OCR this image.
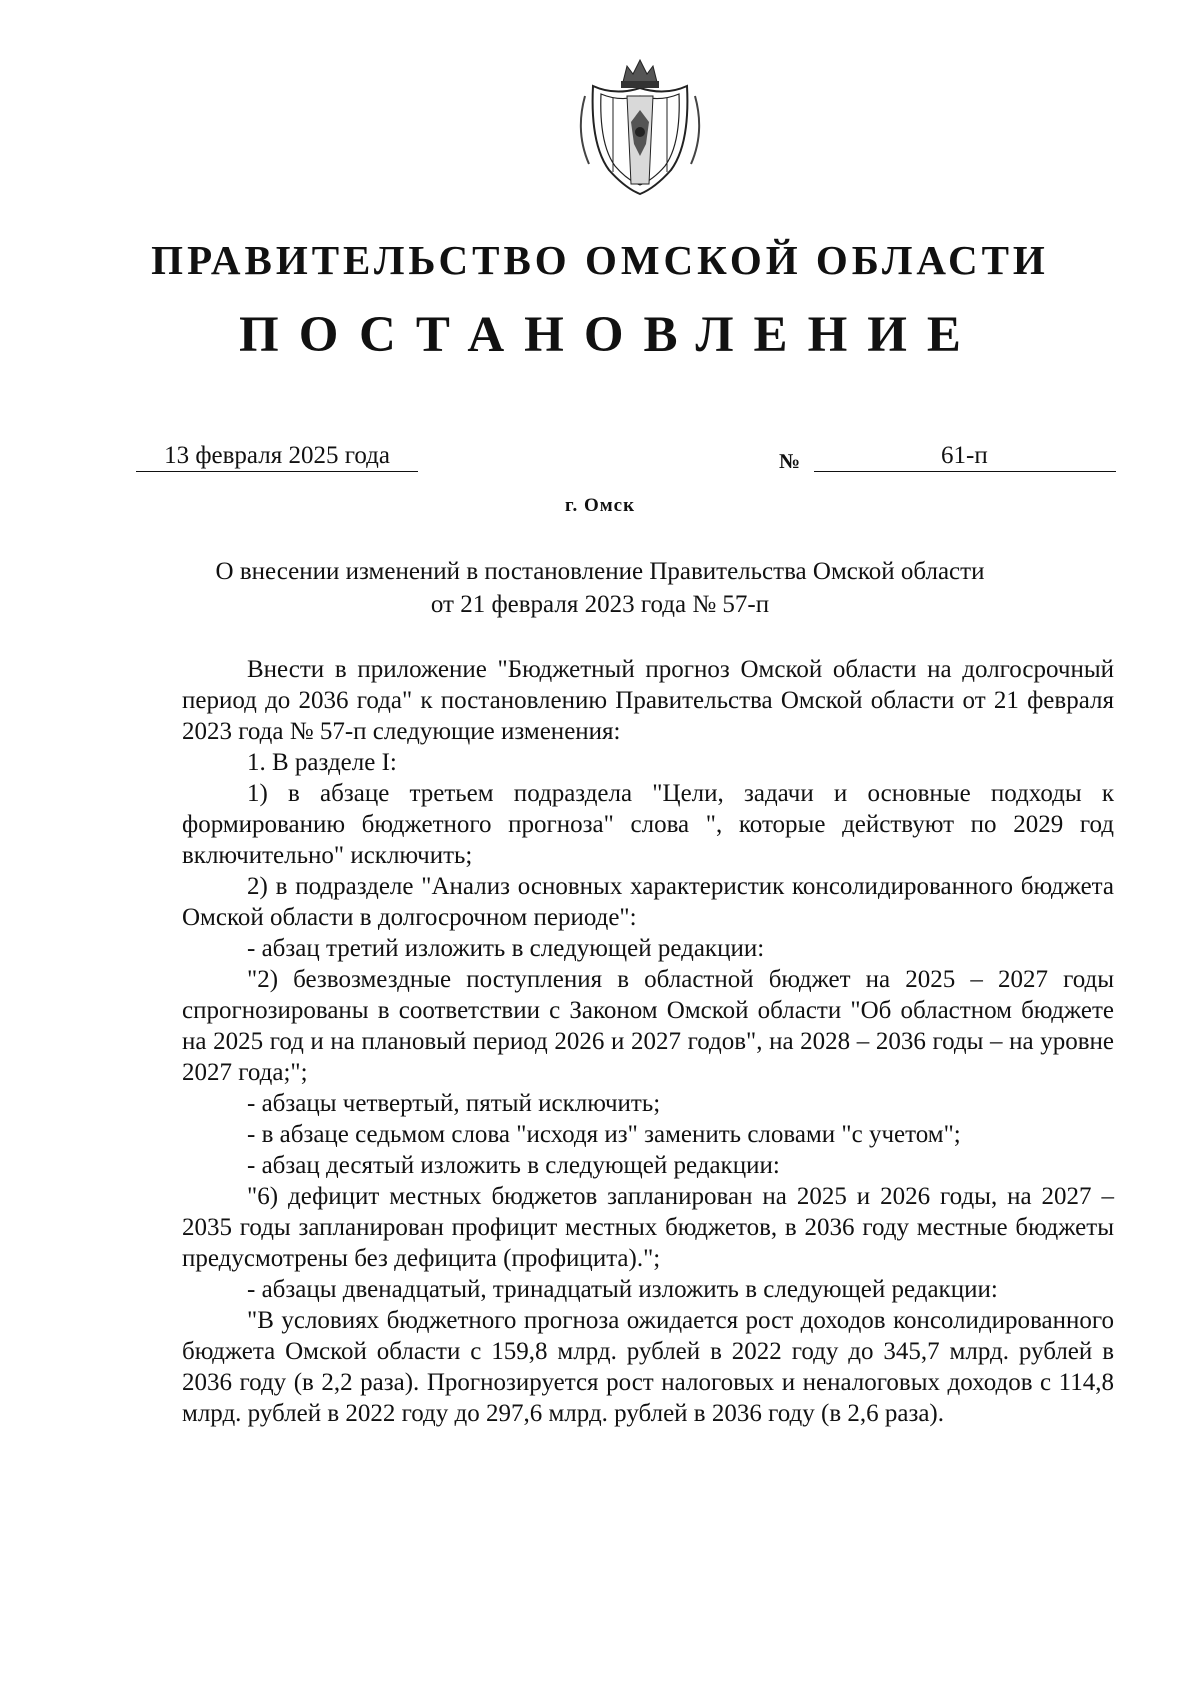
ПРАВИТЕЛЬСТВО ОМСКОЙ ОБЛАСТИ
ПОСТАНОВЛЕНИЕ
13 февраля 2025 года	№	61-п
г. Омск
О внесении изменений в постановление Правительства Омской области
от 21 февраля 2023 года № 57-п

Внести в приложение "Бюджетный прогноз Омской области на долгосрочный период до 2036 года" к постановлению Правительства Омской области от 21 февраля 2023 года № 57-п следующие изменения:

1. В разделе I:

1) в абзаце третьем подраздела "Цели, задачи и основные подходы к формированию бюджетного прогноза" слова ", которые действуют по 2029 год включительно" исключить;

2) в подразделе "Анализ основных характеристик консолидированного бюджета Омской области в долгосрочном периоде":

- абзац третий изложить в следующей редакции:

"2) безвозмездные поступления в областной бюджет на 2025 – 2027 годы спрогнозированы в соответствии с Законом Омской области "Об областном бюджете на 2025 год и на плановый период 2026 и 2027 годов", на 2028 – 2036 годы – на уровне 2027 года;";

- абзацы четвертый, пятый исключить;

- в абзаце седьмом слова "исходя из" заменить словами "с учетом";

- абзац десятый изложить в следующей редакции:

"6) дефицит местных бюджетов запланирован на 2025 и 2026 годы, на 2027 – 2035 годы запланирован профицит местных бюджетов, в 2036 году местные бюджеты предусмотрены без дефицита (профицита).";

- абзацы двенадцатый, тринадцатый изложить в следующей редакции:

"В условиях бюджетного прогноза ожидается рост доходов консолидированного бюджета Омской области с 159,8 млрд. рублей в 2022 году до 345,7 млрд. рублей в 2036 году (в 2,2 раза). Прогнозируется рост налоговых и неналоговых доходов с 114,8 млрд. рублей в 2022 году до 297,6 млрд. рублей в 2036 году (в 2,6 раза).
